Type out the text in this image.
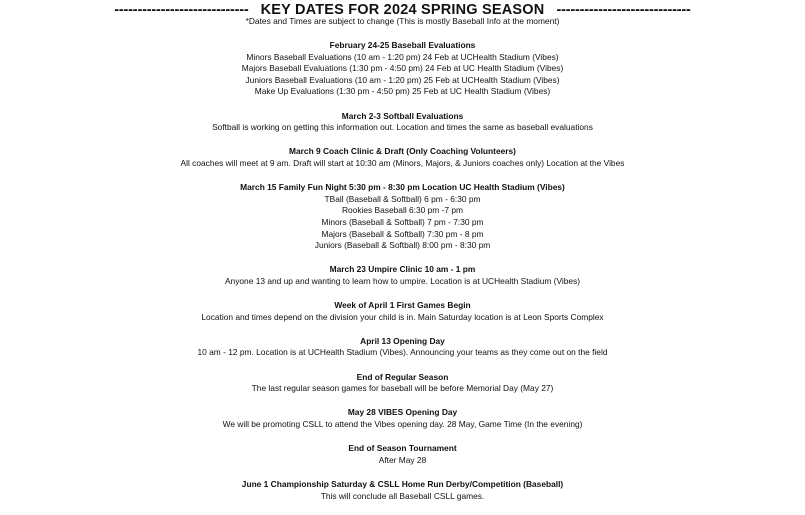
----------------------------- KEY DATES FOR 2024 SPRING SEASON -----------------------------
*Dates and Times are subject to change (This is mostly Baseball Info at the moment)
February 24-25 Baseball Evaluations
Minors Baseball Evaluations (10 am - 1:20 pm) 24 Feb at UCHealth Stadium (Vibes)
Majors Baseball Evaluations (1:30 pm - 4:50 pm) 24 Feb at UC Health Stadium (Vibes)
Juniors Baseball Evaluations (10 am - 1:20 pm) 25 Feb at UCHealth Stadium (Vibes)
Make Up Evaluations (1:30 pm - 4:50 pm) 25 Feb at UC Health Stadium (Vibes)
March 2-3 Softball Evaluations
Softball is working on getting this information out. Location and times the same as baseball evaluations
March 9 Coach Clinic & Draft (Only Coaching Volunteers)
All coaches will meet at 9 am. Draft will start at 10:30 am (Minors, Majors, & Juniors coaches only) Location at the Vibes
March 15 Family Fun Night 5:30 pm - 8:30 pm Location UC Health Stadium (Vibes)
TBall (Baseball & Softball) 6 pm - 6:30 pm
Rookies Baseball 6:30 pm -7 pm
Minors (Baseball & Softball) 7 pm - 7:30 pm
Majors (Baseball & Softball) 7:30 pm - 8 pm
Juniors (Baseball & Softball) 8:00 pm - 8:30 pm
March 23 Umpire Clinic 10 am - 1 pm
Anyone 13 and up and wanting to learn how to umpire. Location is at UCHealth Stadium (Vibes)
Week of April 1 First Games Begin
Location and times depend on the division your child is in. Main Saturday location is at Leon Sports Complex
April 13 Opening Day
10 am - 12 pm. Location is at UCHealth Stadium (Vibes). Announcing your teams as they come out on the field
End of Regular Season
The last regular season games for baseball will be before Memorial Day (May 27)
May 28 VIBES Opening Day
We will be promoting CSLL to attend the Vibes opening day. 28 May, Game Time (In the evening)
End of Season Tournament
After May 28
June 1 Championship Saturday & CSLL Home Run Derby/Competition (Baseball)
This will conclude all Baseball CSLL games.
